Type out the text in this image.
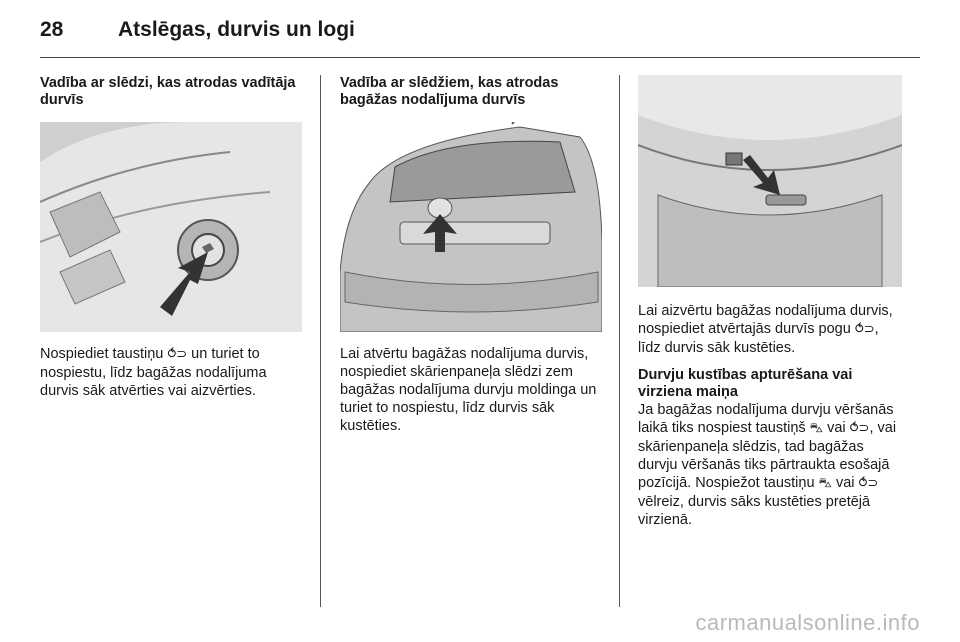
28	Atslēgas, durvis un logi
Vadība ar slēdzi, kas atrodas vadītāja durvīs

Nospiediet taustiņu ⥀⊃ un turiet to nospiestu, līdz bagāžas nodalījuma durvis sāk atvērties vai aizvērties.

Vadība ar slēdžiem, kas atrodas bagāžas nodalījuma durvīs

Lai atvērtu bagāžas nodalījuma durvis, nospiediet skārienpaneļa slēdzi zem bagāžas nodalījuma durvju moldinga un turiet to nospiestu, līdz durvis sāk kustēties.

Lai aizvērtu bagāžas nodalījuma durvis, nospiediet atvērtajās durvīs pogu ⥀⊃, līdz durvis sāk kustēties.

Durvju kustības apturēšana vai virziena maiņa

Ja bagāžas nodalījuma durvju vēršanās laikā tiks nospiest taustiņš ⛍ vai ⥀⊃, vai skārienpaneļa slēdzis, tad bagāžas durvju vēršanās tiks pārtraukta esošajā pozīcijā. Nospiežot taustiņu ⛍ vai ⥀⊃ vēlreiz, durvis sāks kustēties pretējā virzienā.

carmanualsonline.info
